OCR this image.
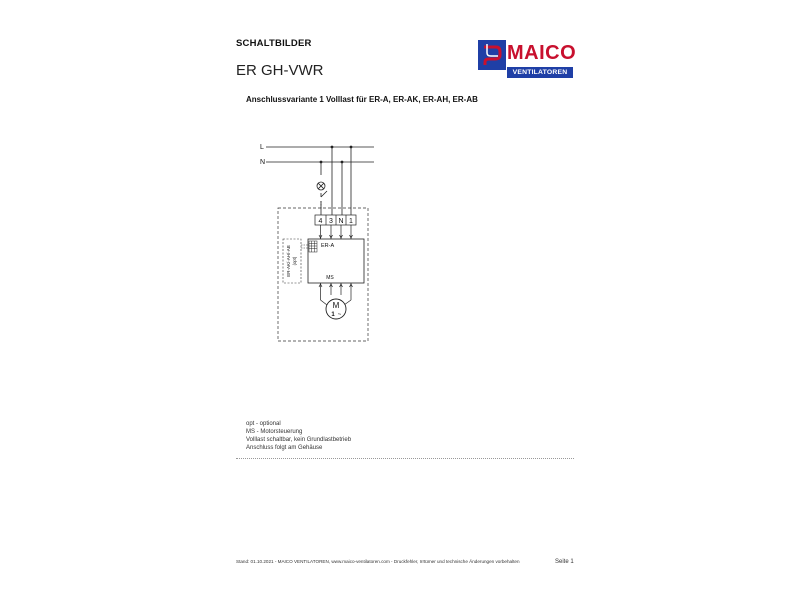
SCHALTBILDER
ER GH-VWR
Anschlussvariante 1 Volllast für ER-A, ER-AK, ER-AH, ER-AB
MAICO
VENTILATOREN
4 3 N 1
ER-A
MS
ER-AK/-AH/-AB (opt)
M
1 ~
L
N
opt - optional
MS - Motorsteuerung
Volllast schaltbar, kein Grundlastbetrieb
Anschluss folgt am Gehäuse
Stand: 01.10.2021 - MAICO VENTILATOREN, www.maico-ventilatoren.com - Druckfehler, Irrtümer und technische Änderungen vorbehalten	Seite 1
